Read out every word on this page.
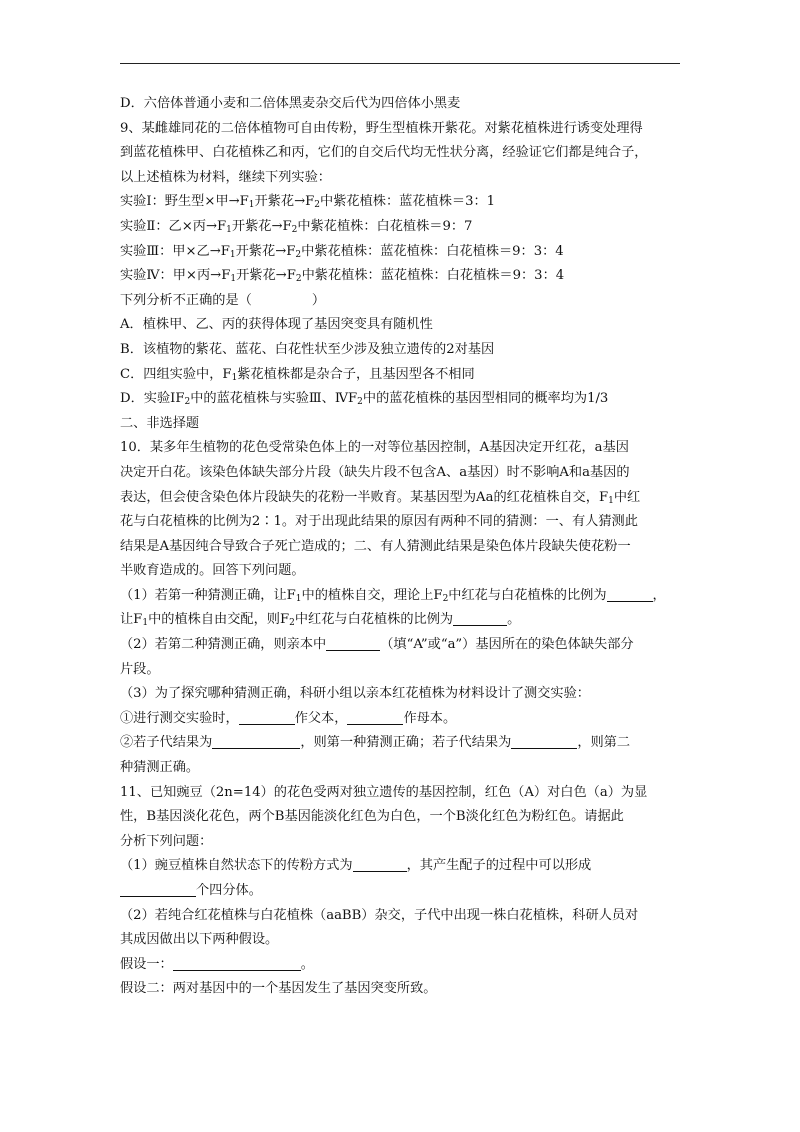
D．六倍体普通小麦和二倍体黑麦杂交后代为四倍体小黑麦

9、某雌雄同花的二倍体植物可自由传粉，野生型植株开紫花。对紫花植株进行诱变处理得

到蓝花植株甲、白花植株乙和丙，它们的自交后代均无性状分离，经验证它们都是纯合子，

以上述植株为材料，继续下列实验：

实验Ⅰ：野生型×甲$\to F_1$开紫花$\to F_2$中紫花植株：蓝花植株＝3：1

实验Ⅱ：乙×丙$\to F_1$开紫花$\to F_2$中紫花植株：白花植株＝9：7

实验Ⅲ：甲×乙$\to F_1$开紫花$\to F_2$中紫花植株：蓝花植株：白花植株＝9：3：4

实验Ⅳ：甲×丙$\to F_1$开紫花$\to F_2$中紫花植株：蓝花植株：白花植株＝9：3：4

下列分析不正确的是（	）

A．植株甲、乙、丙的获得体现了基因突变具有随机性

B．该植物的紫花、蓝花、白花性状至少涉及独立遗传的2对基因

C．四组实验中，$F_1$紫花植株都是杂合子，且基因型各不相同

D．实验$ⅠF_2$中的蓝花植株与实验Ⅲ、$ⅣF_2$中的蓝花植株的基因型相同的概率均为1/3

二、非选择题

10．某多年生植物的花色受常染色体上的一对等位基因控制，A基因决定开红花，a基因

决定开白花。该染色体缺失部分片段（缺失片段不包含A、a基因）时不影响A和a基因的

表达，但会使含染色体片段缺失的花粉一半败育。某基因型为Aa的红花植株自交，$F_1$中红

花与白花植株的比例为2∶1。对于出现此结果的原因有两种不同的猜测：一、有人猜测此

结果是A基因纯合导致合子死亡造成的；二、有人猜测此结果是染色体片段缺失使花粉一

半败育造成的。回答下列问题。

（1）若第一种猜测正确，让$F_1$中的植株自交，理论上$F_2$中红花与白花植株的比例为	，

让$F_1$中的植株自由交配，则$F_2$中红花与白花植株的比例为	。

（2）若第二种猜测正确，则亲本中	（填“A”或“a”）基因所在的染色体缺失部分

片段。

（3）为了探究哪种猜测正确，科研小组以亲本红花植株为材料设计了测交实验：

①进行测交实验时，	作父本，	作母本。

②若子代结果为	，则第一种猜测正确；若子代结果为	，则第二

种猜测正确。

11、已知豌豆（2n=14）的花色受两对独立遗传的基因控制，红色（A）对白色（a）为显

性，B基因淡化花色，两个B基因能淡化红色为白色，一个B淡化红色为粉红色。请据此

分析下列问题：

（1）豌豆植株自然状态下的传粉方式为	，其产生配子的过程中可以形成

个四分体。

（2）若纯合红花植株与白花植株（aaBB）杂交，子代中出现一株白花植株，科研人员对

其成因做出以下两种假设。

假设一：	。

假设二：两对基因中的一个基因发生了基因突变所致。
